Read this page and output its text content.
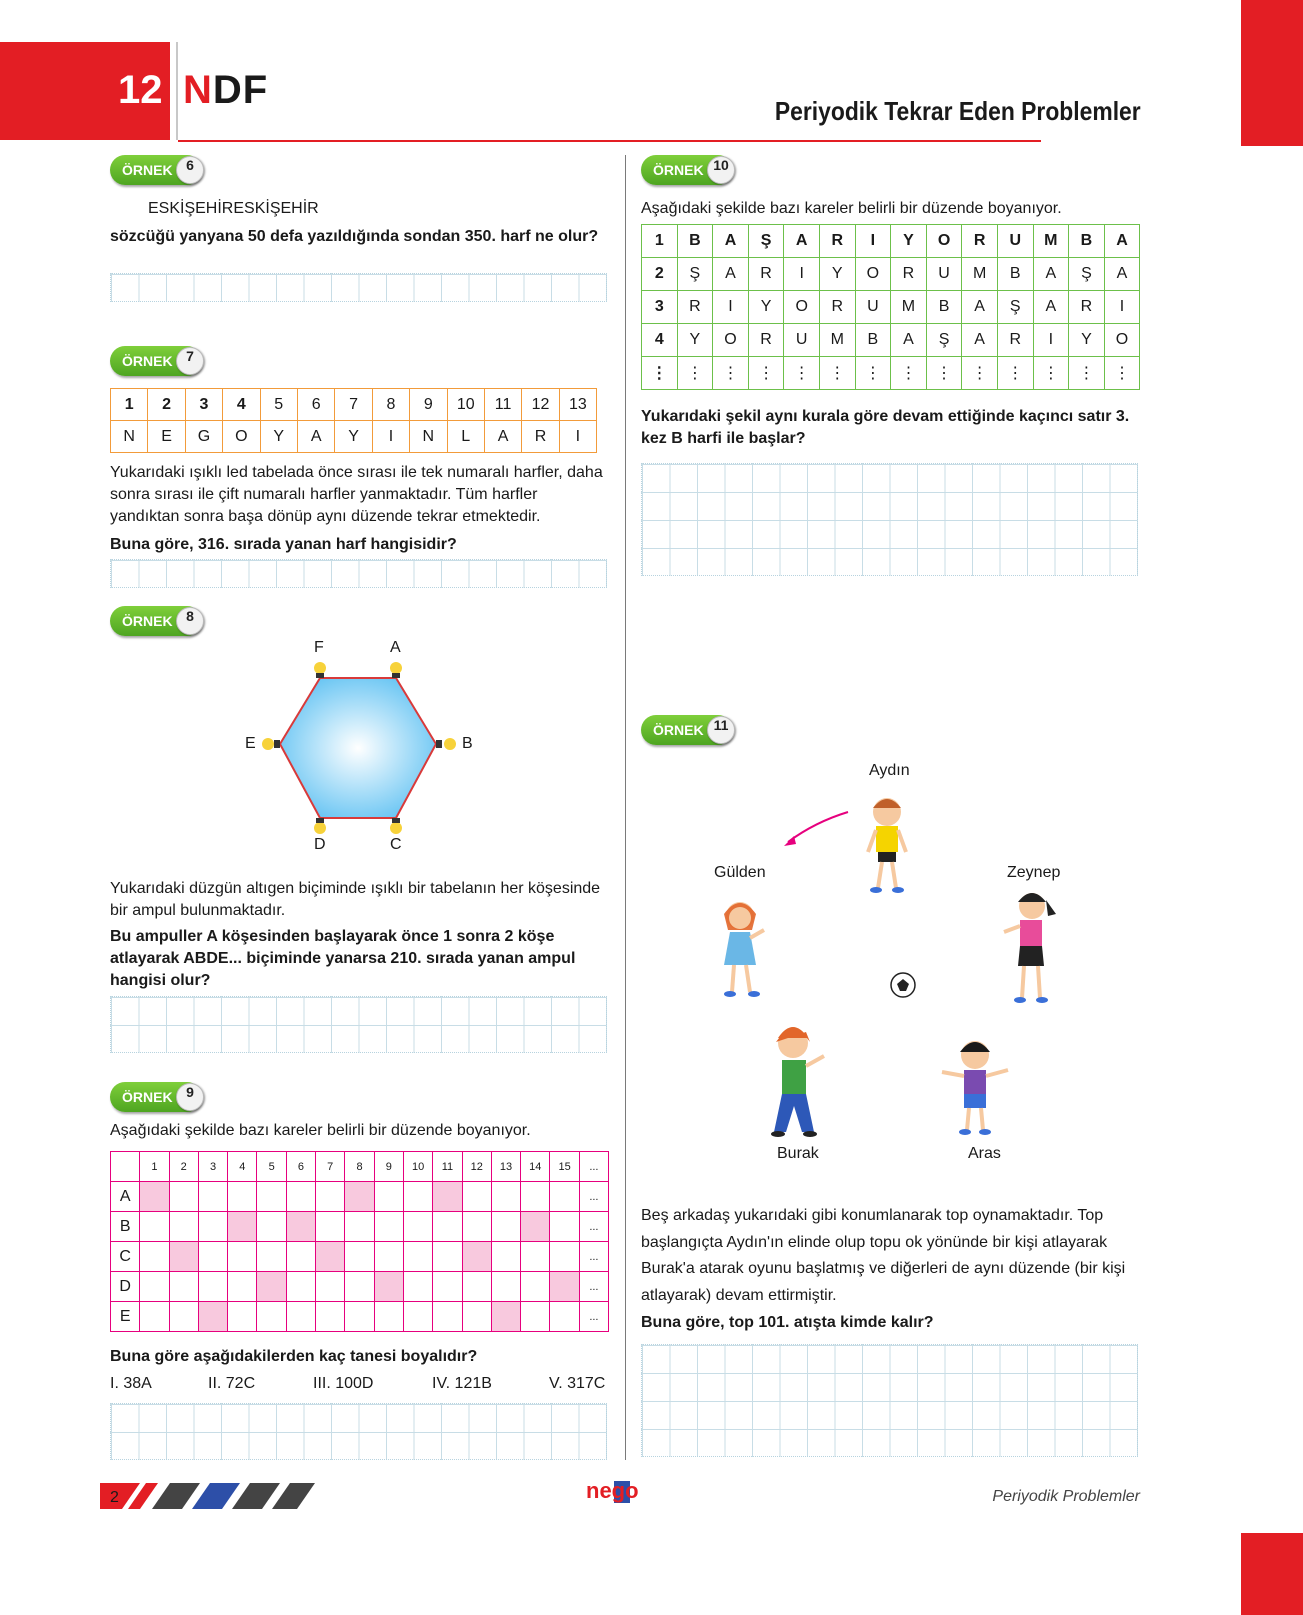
12 NDF	Periyodik Tekrar Eden Problemler
ÖRNEK 6
ESKİŞEHİRESKİŞEHİR
sözcüğü yanyana 50 defa yazıldığında sondan 350. harf ne olur?
ÖRNEK 7
1	2	3	4	5	6	7	8	9	10	11	12	13
N	E	G	O	Y	A	Y	I	N	L	A	R	I
Yukarıdaki ışıklı led tabelada önce sırası ile tek numaralı harfler, daha sonra sırası ile çift numaralı harfler yanmaktadır. Tüm harfler yandıktan sonra başa dönüp aynı düzende tekrar etmektedir.
Buna göre, 316. sırada yanan harf hangisidir?
ÖRNEK 8
F	A
B
C
D
E
Yukarıdaki düzgün altıgen biçiminde ışıklı bir tabelanın her köşesinde bir ampul bulunmaktadır.
Bu ampuller A köşesinden başlayarak önce 1 sonra 2 köşe atlayarak ABDE... biçiminde yanarsa 210. sırada yanan ampul hangisi olur?
ÖRNEK 9
Aşağıdaki şekilde bazı kareler belirli bir düzende boyanıyor.
	1	2	3	4	5	6	7	8	9	10	11	12	13	14	15	...
A																...
B																...
C																...
D																...
E																...
Buna göre aşağıdakilerden kaç tanesi boyalıdır?
I. 38A	II. 72C	III. 100D	IV. 121B	V. 317C
ÖRNEK 10
Aşağıdaki şekilde bazı kareler belirli bir düzende boyanıyor.
1	B	A	Ş	A	R	I	Y	O	R	U	M	B	A
2	Ş	A	R	I	Y	O	R	U	M	B	A	Ş	A
3	R	I	Y	O	R	U	M	B	A	Ş	A	R	I
4	Y	O	R	U	M	B	A	Ş	A	R	I	Y	O
⋮	⋮	⋮	⋮	⋮	⋮	⋮	⋮	⋮	⋮	⋮	⋮	⋮	⋮
Yukarıdaki şekil aynı kurala göre devam ettiğinde kaçıncı satır 3. kez B harfi ile başlar?
ÖRNEK 11
Aydın
Gülden	Zeynep
Burak	Aras
Beş arkadaş yukarıdaki gibi konumlanarak top oynamaktadır. Top başlangıçta Aydın'ın elinde olup topu ok yönünde bir kişi atlayarak Burak'a atarak oyunu başlatmış ve diğerleri de aynı düzende (bir kişi atlayarak) devam ettirmiştir.
Buna göre, top 101. atışta kimde kalır?
2	nego	Periyodik Problemler
